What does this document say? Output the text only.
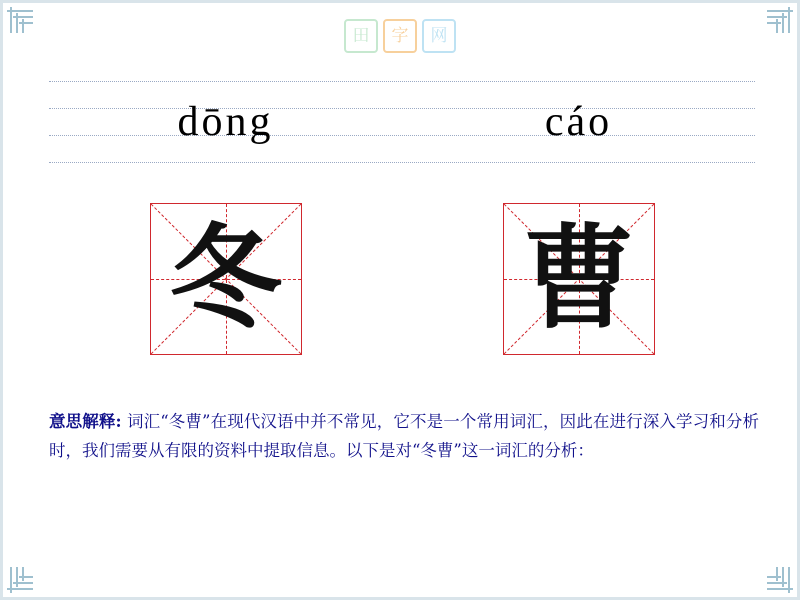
田	字	网
dōng	cáo
冬 曹
意思解释: 词汇“冬曹”在现代汉语中并不常见，它不是一个常用词汇，因此在进行深入学习和分析时，我们需要从有限的资料中提取信息。以下是对“冬曹”这一词汇的分析：
